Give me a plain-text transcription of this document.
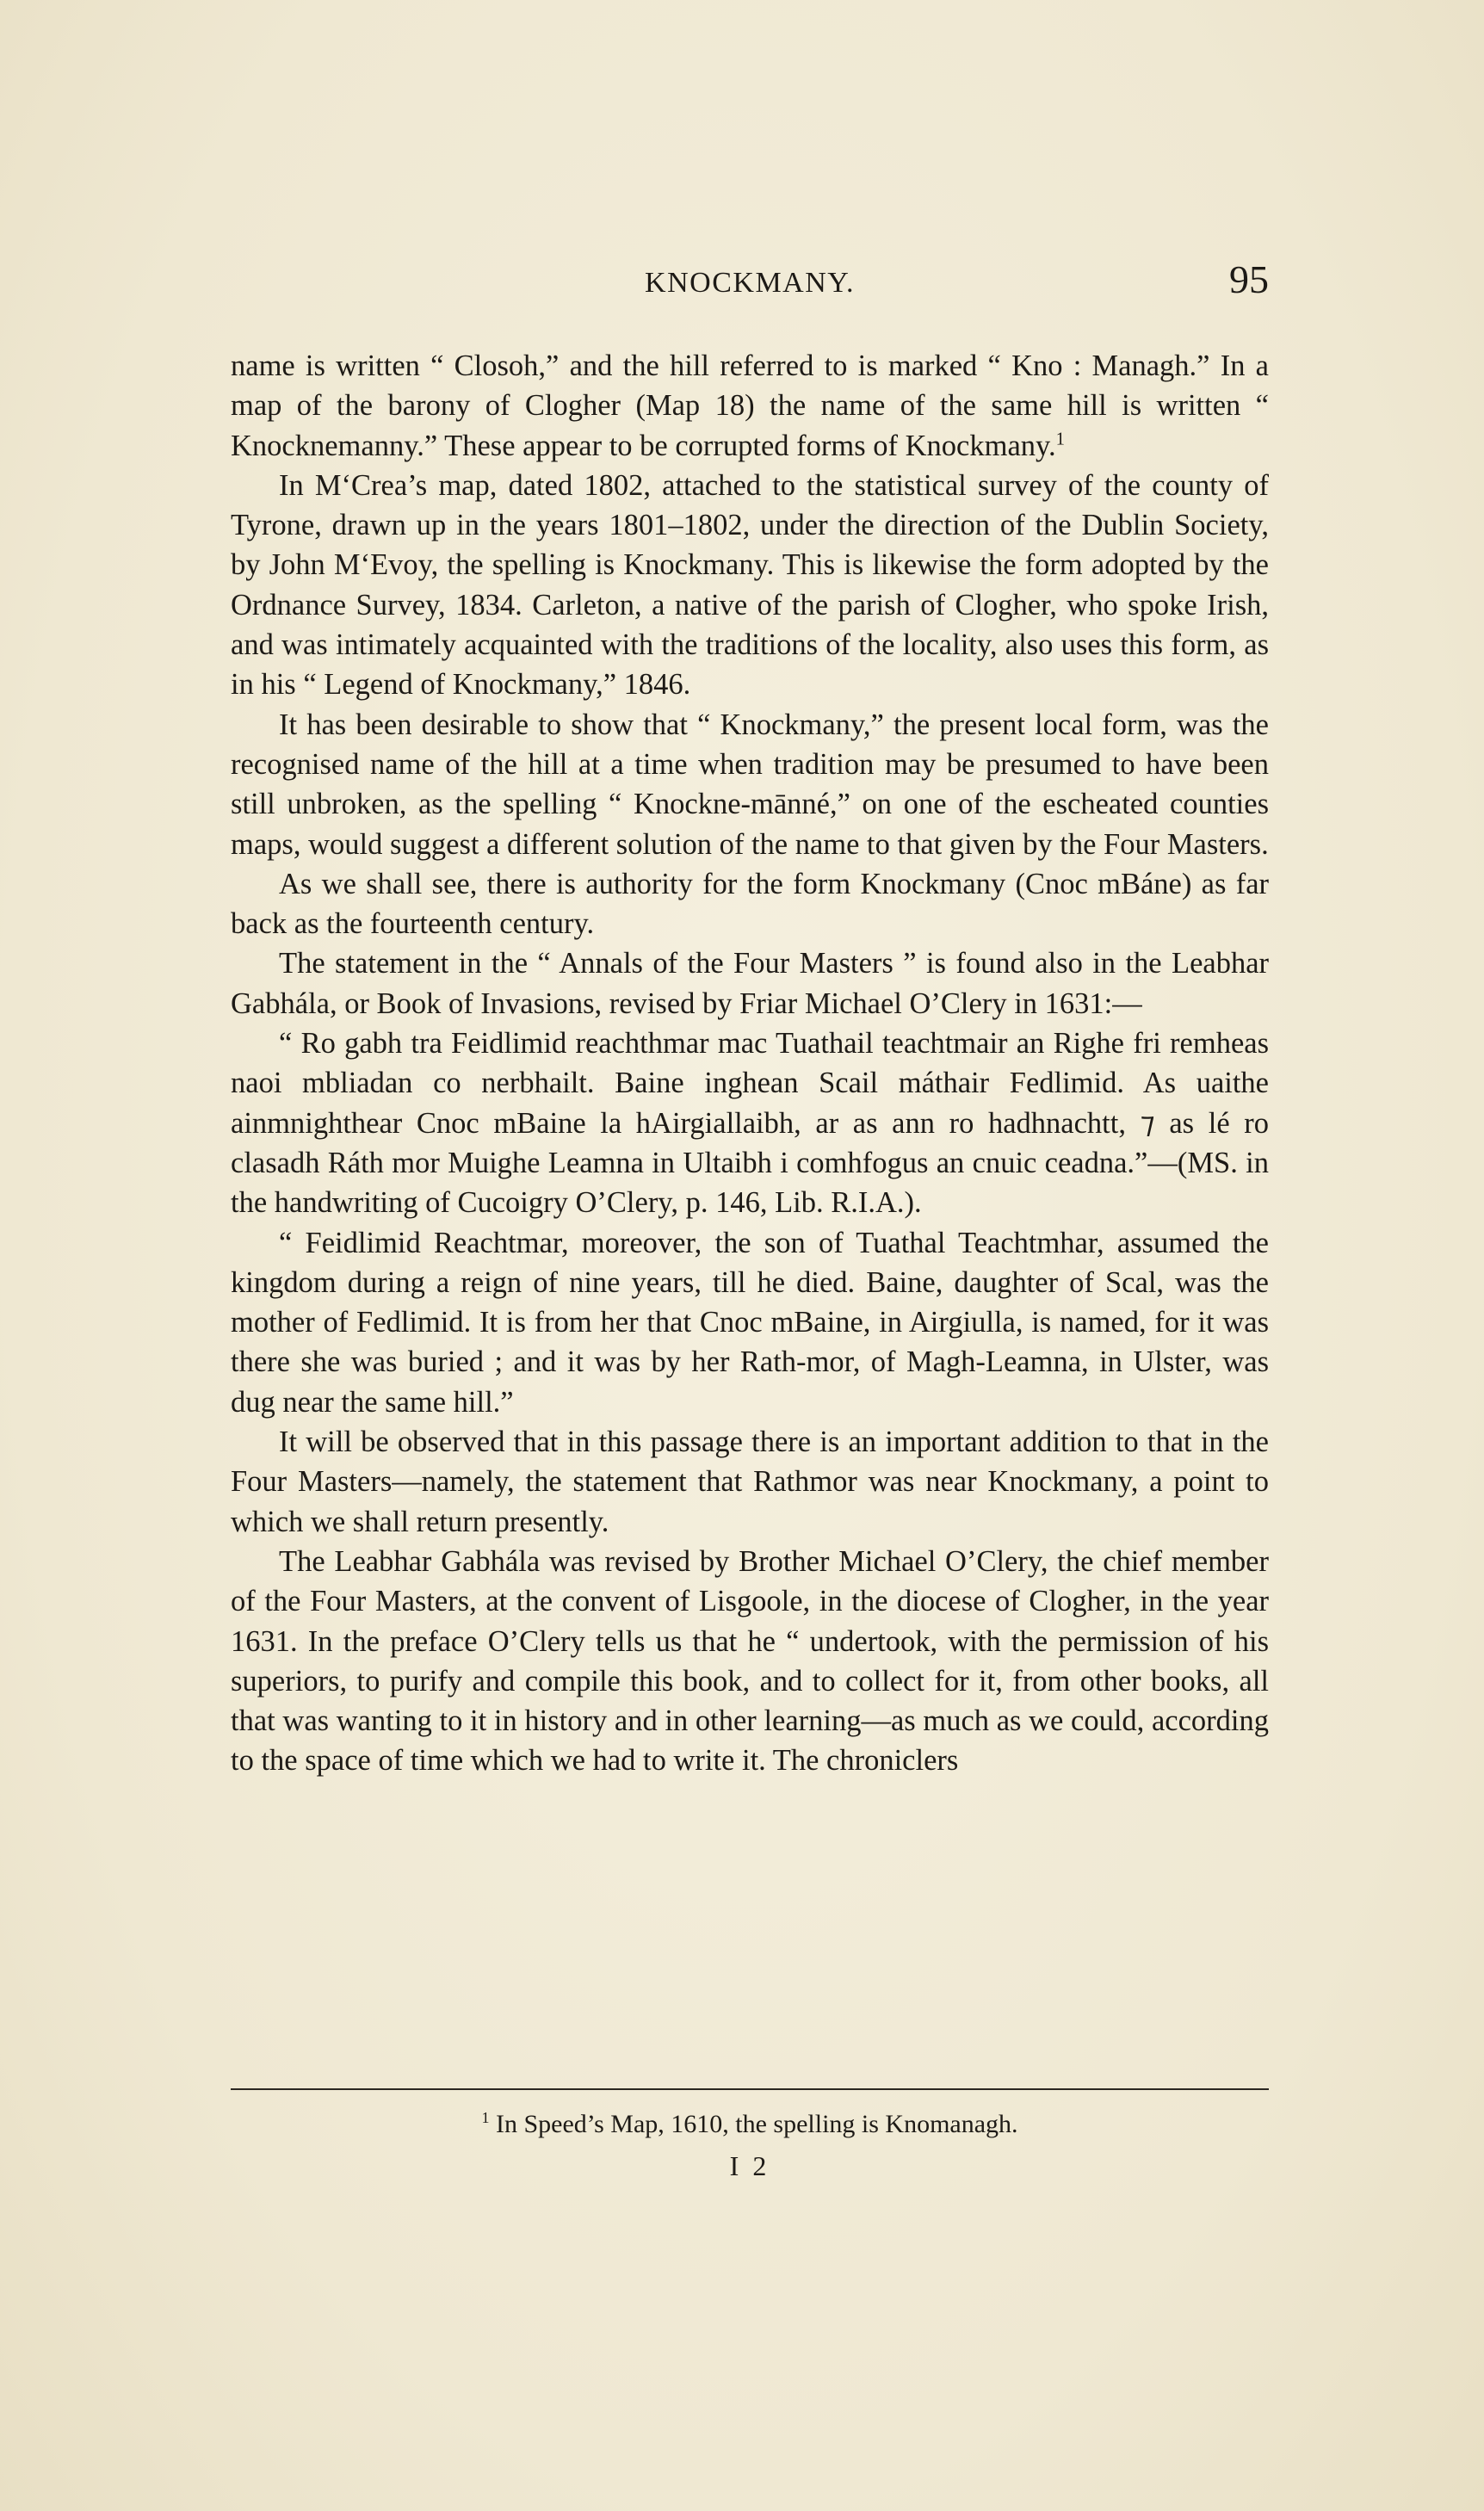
KNOCKMANY.	95

name is written “ Closoh,” and the hill referred to is marked “ Kno : Managh.” In a map of the barony of Clogher (Map 18) the name of the same hill is written “ Knocknemanny.” These appear to be corrupted forms of Knockmany.$^1$

In M‘Crea’s map, dated 1802, attached to the statistical survey of the county of Tyrone, drawn up in the years 1801–1802, under the direction of the Dublin Society, by John M‘Evoy, the spelling is Knockmany. This is likewise the form adopted by the Ordnance Survey, 1834. Carleton, a native of the parish of Clogher, who spoke Irish, and was intimately acquainted with the traditions of the locality, also uses this form, as in his “ Legend of Knockmany,” 1846.

It has been desirable to show that “ Knockmany,” the present local form, was the recognised name of the hill at a time when tradition may be presumed to have been still unbroken, as the spelling “ Knockne-mānné,” on one of the escheated counties maps, would suggest a different solution of the name to that given by the Four Masters.

As we shall see, there is authority for the form Knockmany (Cnoc mBáne) as far back as the fourteenth century.

The statement in the “ Annals of the Four Masters ” is found also in the Leabhar Gabhála, or Book of Invasions, revised by Friar Michael O’Clery in 1631:—

“ Ro gabh tra Feidlimid reachthmar mac Tuathail teachtmair an Righe fri remheas naoi mbliadan co nerbhailt. Baine inghean Scail máthair Fedlimid. As uaithe ainmnighthear Cnoc mBaine la hAirgiallaibh, ar as ann ro hadhnachtt, ⁊ as lé ro clasadh Ráth mor Muighe Leamna in Ultaibh i comhfogus an cnuic ceadna.”—(MS. in the handwriting of Cucoigry O’Clery, p. 146, Lib. R.I.A.).

“ Feidlimid Reachtmar, moreover, the son of Tuathal Teachtmhar, assumed the kingdom during a reign of nine years, till he died. Baine, daughter of Scal, was the mother of Fedlimid. It is from her that Cnoc mBaine, in Airgiulla, is named, for it was there she was buried ; and it was by her Rath-mor, of Magh-Leamna, in Ulster, was dug near the same hill.”

It will be observed that in this passage there is an important addition to that in the Four Masters—namely, the statement that Rathmor was near Knockmany, a point to which we shall return presently.

The Leabhar Gabhála was revised by Brother Michael O’Clery, the chief member of the Four Masters, at the convent of Lisgoole, in the diocese of Clogher, in the year 1631. In the preface O’Clery tells us that he “ undertook, with the permission of his superiors, to purify and compile this book, and to collect for it, from other books, all that was wanting to it in history and in other learning—as much as we could, according to the space of time which we had to write it. The chroniclers

$^1$ In Speed’s Map, 1610, the spelling is Knomanagh.
I 2
